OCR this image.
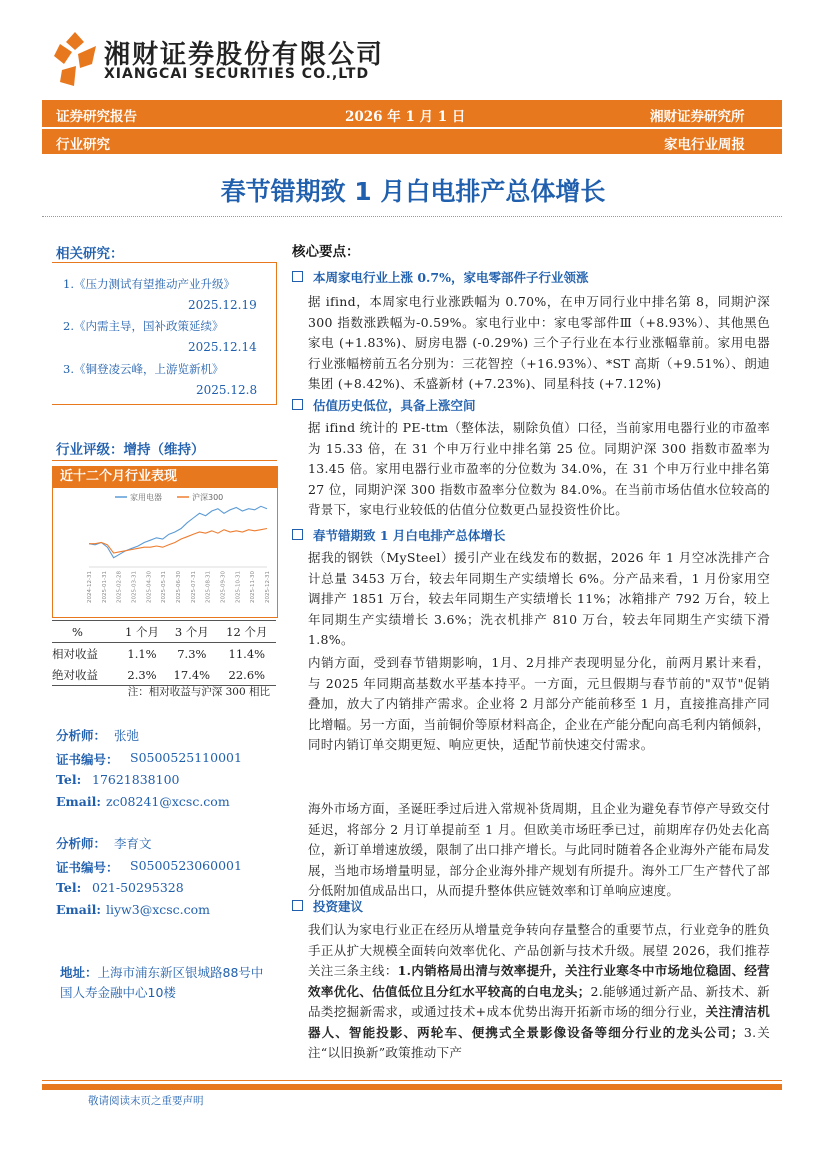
湘财证券股份有限公司
XIANGCAI SECURITIES CO.,LTD
证券研究报告	2026 年 1 月 1 日	湘财证券研究所
行业研究	家电行业周报
春节错期致 1 月白电排产总体增长
相关研究：
1.《压力测试有望推动产业升级》
2025.12.19
2.《内需主导，国补政策延续》
2025.12.14
3.《铜登凌云峰，上游览新机》
2025.12.8
行业评级：增持（维持）
近十二个月行业表现
家用电器	沪深300
2024-12-31 2025-01-31 2025-02-28 2025-03-31 2025-04-30 2025-05-31 2025-06-30 2025-07-31 2025-08-31 2025-09-30 2025-10-31 2025-11-30 2025-12-31
%	1 个月	3 个月	12 个月
相对收益	1.1%	7.3%	11.4%
绝对收益	2.3%	17.4%	22.6%
注：相对收益与沪深 300 相比
分析师： 张弛
证书编号： S0500525110001
Tel: 17621838100
Email: zc08241@xcsc.com
分析师： 李育文
证书编号： S0500523060001
Tel: 021-50295328
Email: liyw3@xcsc.com
地址：上海市浦东新区银城路88号中国人寿金融中心10楼
核心要点：
本周家电行业上涨 0.7%，家电零部件子行业领涨

据 ifind，本周家电行业涨跌幅为 0.70%，在申万同行业中排名第 8，同期沪深 300 指数涨跌幅为-0.59%。家电行业中：家电零部件Ⅲ（+8.93%）、其他黑色家电 (+1.83%)、厨房电器 (-0.29%) 三个子行业在本行业涨幅靠前。家用电器行业涨幅榜前五名分别为：三花智控（+16.93%）、*ST 高斯（+9.51%）、朗迪集团 (+8.42%)、禾盛新材 (+7.23%)、同星科技 (+7.12%)

估值历史低位，具备上涨空间

据 ifind 统计的 PE-ttm（整体法，剔除负值）口径，当前家用电器行业的市盈率为 15.33 倍，在 31 个申万行业中排名第 25 位。同期沪深 300 指数市盈率为 13.45 倍。家用电器行业市盈率的分位数为 34.0%，在 31 个申万行业中排名第 27 位，同期沪深 300 指数市盈率分位数为 84.0%。在当前市场估值水位较高的背景下，家电行业较低的估值分位数更凸显投资性价比。

春节错期致 1 月白电排产总体增长

据我的钢铁（MySteel）援引产业在线发布的数据，2026 年 1 月空冰洗排产合计总量 3453 万台，较去年同期生产实绩增长 6%。分产品来看，1 月份家用空调排产 1851 万台，较去年同期生产实绩增长 11%；冰箱排产 792 万台，较上年同期生产实绩增长 3.6%；洗衣机排产 810 万台，较去年同期生产实绩下滑 1.8%。

内销方面，受到春节错期影响，1月、2月排产表现明显分化，前两月累计来看，与 2025 年同期高基数水平基本持平。一方面，元旦假期与春节前的"双节"促销叠加，放大了内销排产需求。企业将 2 月部分产能前移至 1 月，直接推高排产同比增幅。另一方面，当前铜价等原材料高企，企业在产能分配向高毛利内销倾斜，同时内销订单交期更短、响应更快，适配节前快速交付需求。

海外市场方面，圣诞旺季过后进入常规补货周期，且企业为避免春节停产导致交付延迟，将部分 2 月订单提前至 1 月。但欧美市场旺季已过，前期库存仍处去化高位，新订单增速放缓，限制了出口排产增长。与此同时随着各企业海外产能布局发展，当地市场增量明显，部分企业海外排产规划有所提升。海外工厂生产替代了部分低附加值成品出口，从而提升整体供应链效率和订单响应速度。

投资建议

我们认为家电行业正在经历从增量竞争转向存量整合的重要节点，行业竞争的胜负手正从扩大规模全面转向效率优化、产品创新与技术升级。展望 2026，我们推荐关注三条主线：1.内销格局出清与效率提升，关注行业寒冬中市场地位稳固、经营效率优化、估值低位且分红水平较高的白电龙头；2.能够通过新产品、新技术、新品类挖掘新需求，或通过技术+成本优势出海开拓新市场的细分行业，关注清洁机器人、智能投影、两轮车、便携式全景影像设备等细分行业的龙头公司；3.关注“以旧换新”政策推动下产

敬请阅读末页之重要声明
